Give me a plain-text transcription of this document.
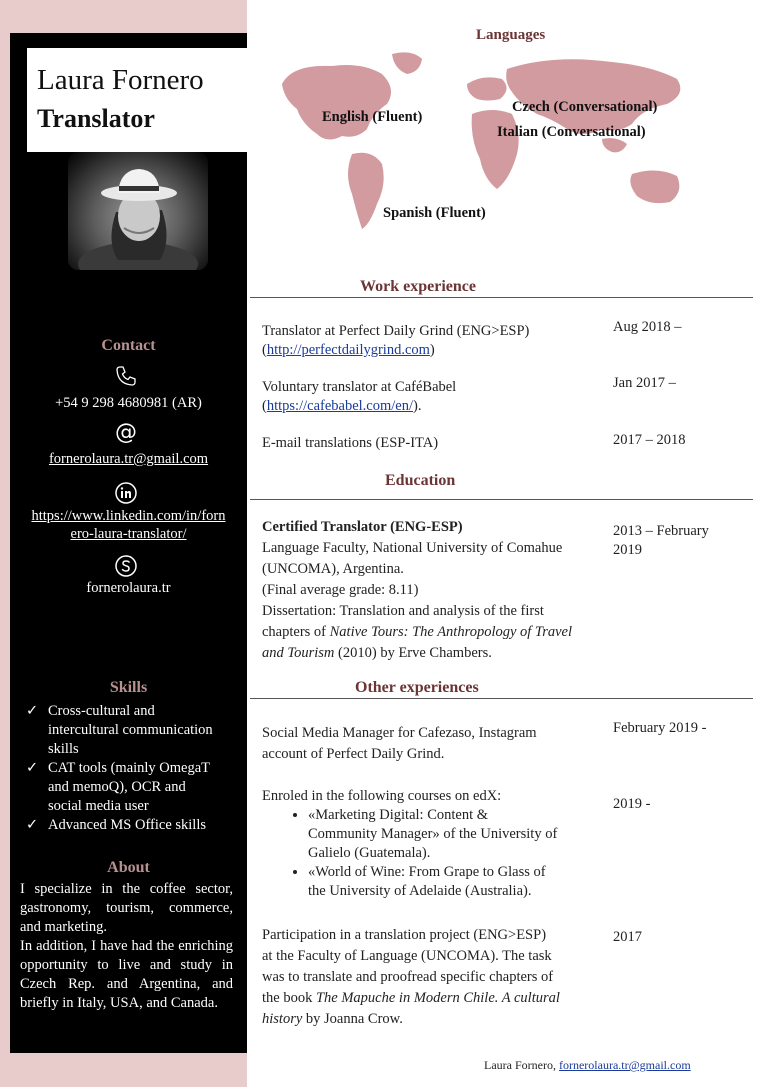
Laura Fornero
Translator
Contact
+54 9 298 4680981 (AR)
@
fornerolaura.tr@gmail.com
https://www.linkedin.com/in/forn
ero-laura-translator/
fornerolaura.tr
Skills
✓ Cross-cultural and
intercultural communication
skills
✓ CAT tools (mainly OmegaT
and memoQ), OCR and
social media user
✓ Advanced MS Office skills
About

I specialize in the coffee sector, gastronomy, tourism, commerce, and marketing.

In addition, I have had the enriching opportunity to live and study in Czech Rep. and Argentina, and briefly in Italy, USA, and Canada.

Languages
English (Fluent)
Czech (Conversational)
Italian (Conversational)
Spanish (Fluent)
Work experience
Translator at Perfect Daily Grind (ENG>ESP)
(http://perfectdailygrind.com)
Aug 2018 –
Voluntary translator at CaféBabel
(https://cafebabel.com/en/).
Jan 2017 –
E-mail translations (ESP-ITA)	2017 – 2018
Education
Certified Translator (ENG-ESP)
Language Faculty, National University of Comahue
(UNCOMA), Argentina.
(Final average grade: 8.11)
Dissertation: Translation and analysis of the first
chapters of Native Tours: The Anthropology of Travel
and Tourism (2010) by Erve Chambers.
2013 – February
2019
Other experiences
Social Media Manager for Cafezaso, Instagram
account of Perfect Daily Grind.
February 2019 -
Enroled in the following courses on edX:
• «Marketing Digital: Content &
Community Manager» of the University of
Galielo (Guatemala).
• «World of Wine: From Grape to Glass of
the University of Adelaide (Australia).
2019 -
Participation in a translation project (ENG>ESP)
at the Faculty of Language (UNCOMA). The task
was to translate and proofread specific chapters of
the book The Mapuche in Modern Chile. A cultural
history by Joanna Crow.
2017
Laura Fornero, fornerolaura.tr@gmail.com
